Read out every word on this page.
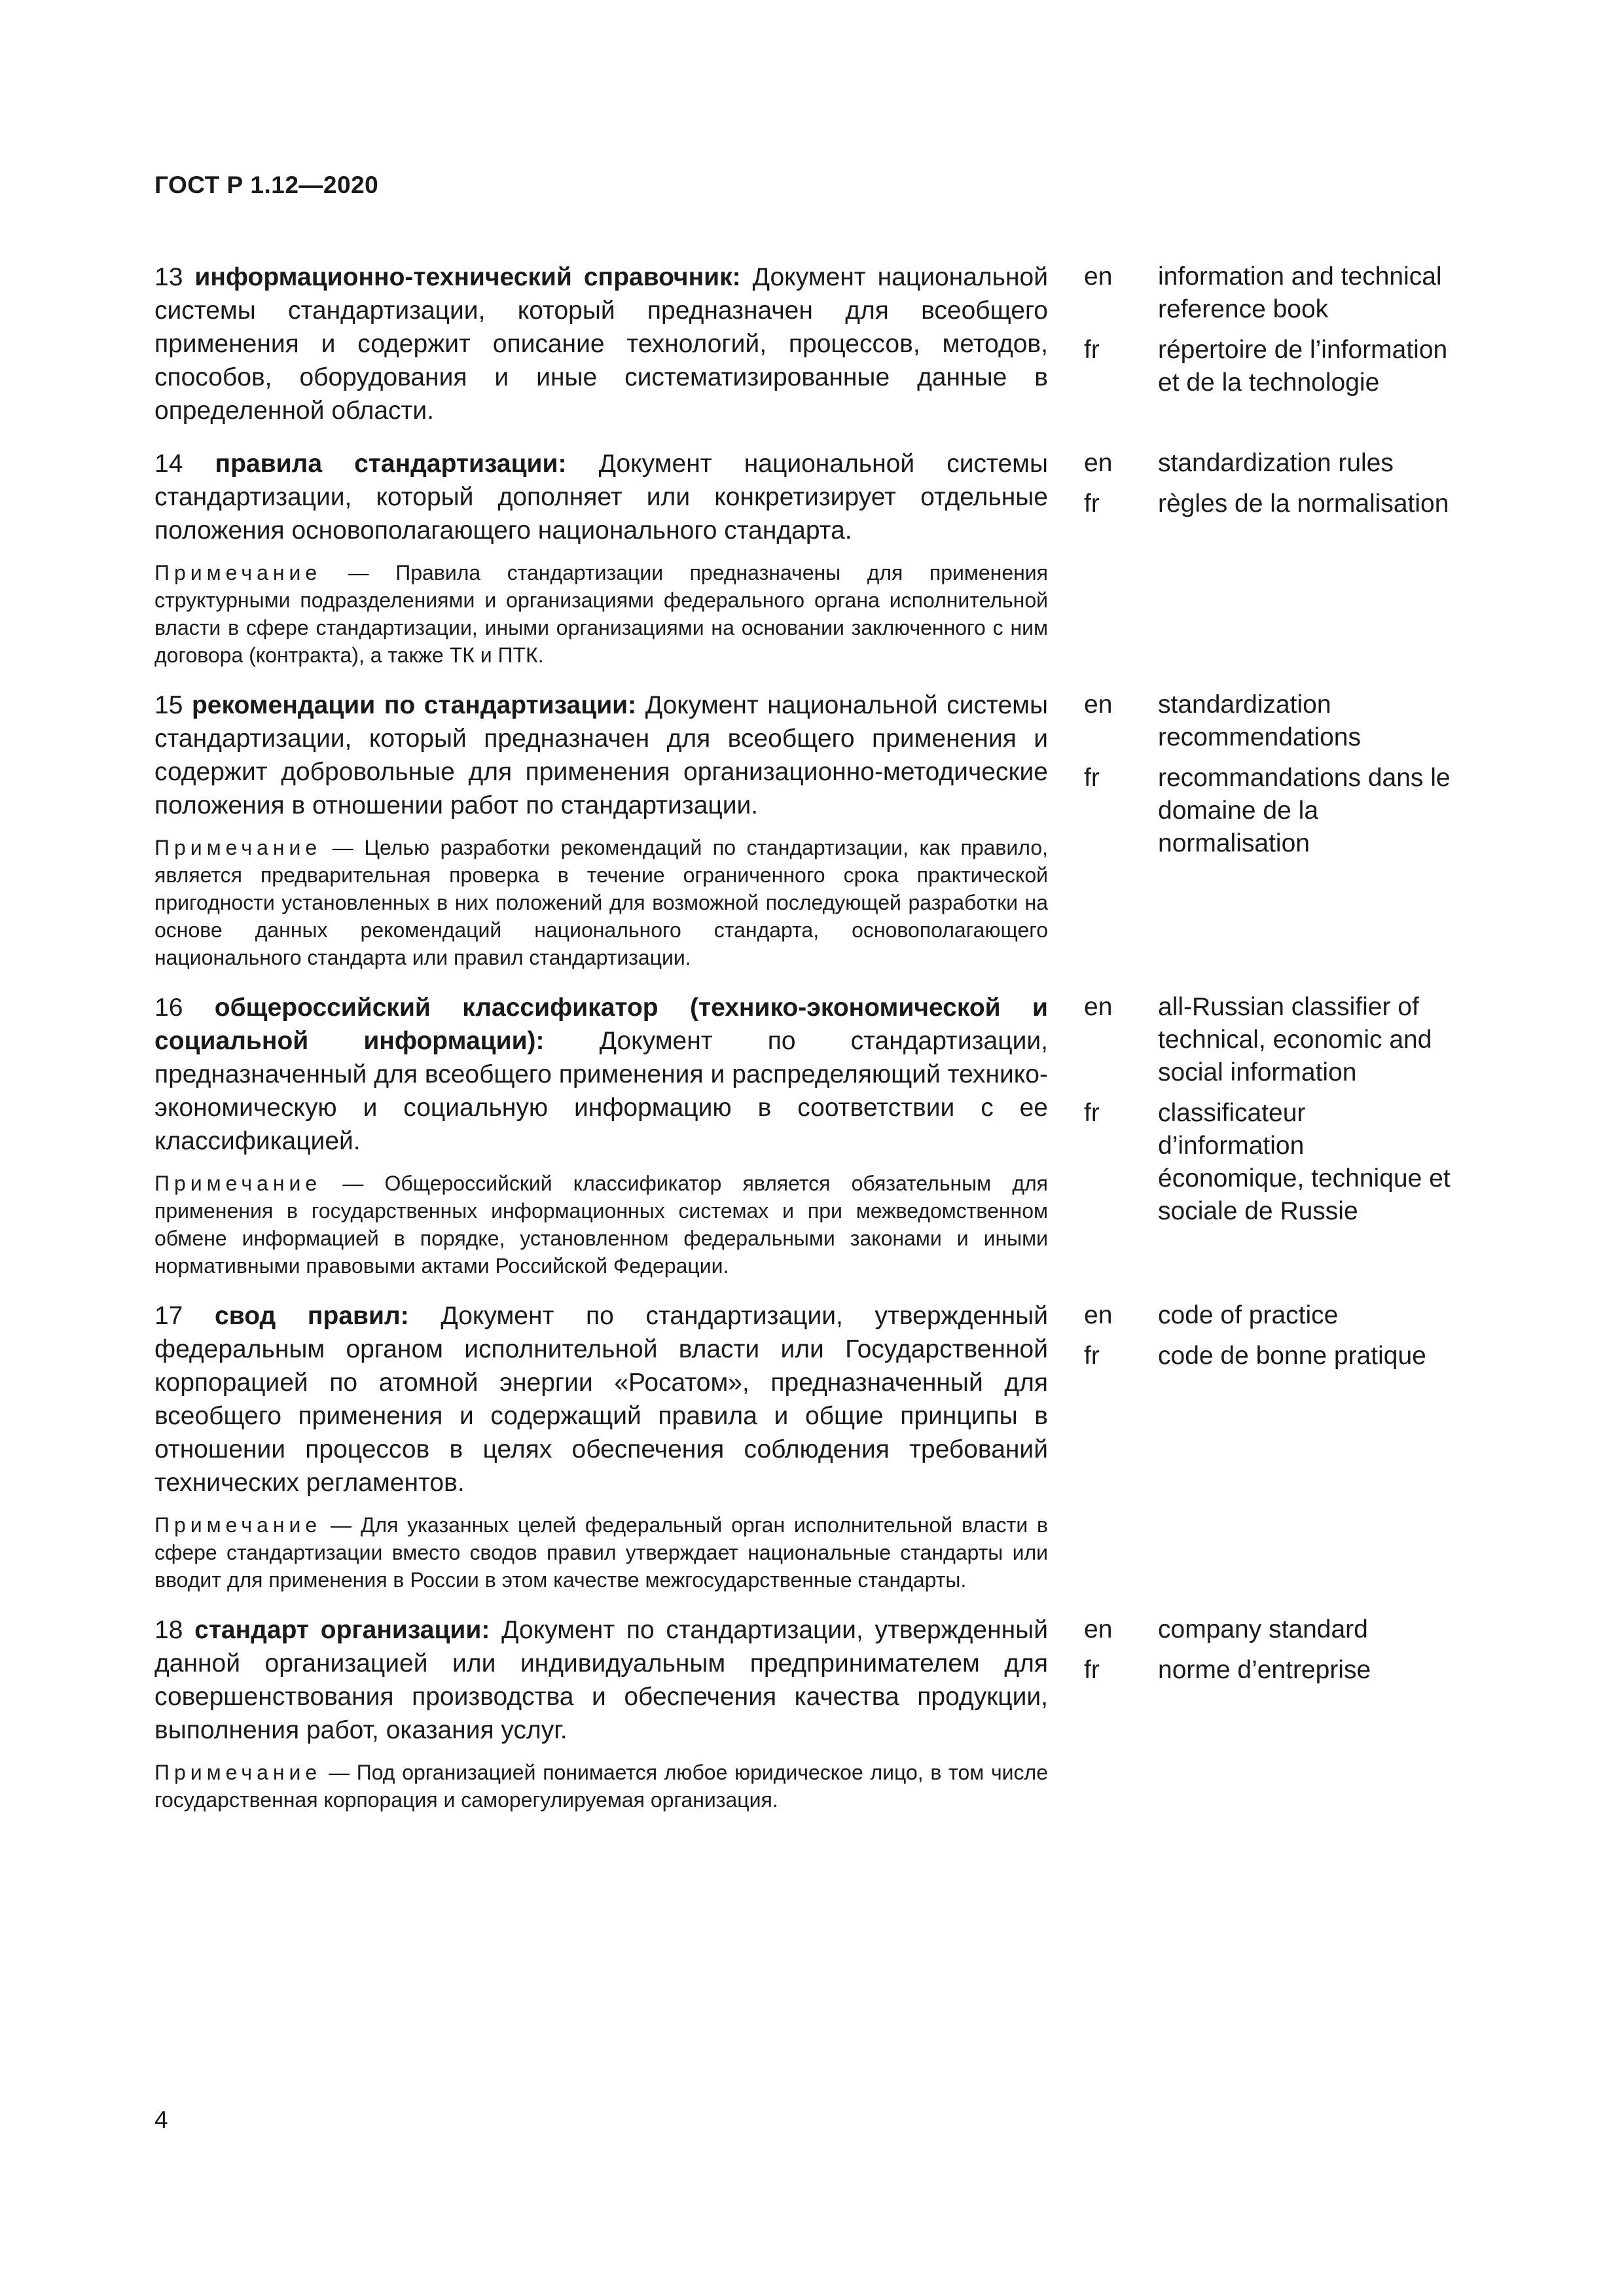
ГОСТ Р 1.12—2020
13 информационно-технический справочник: Документ национальной системы стандартизации, который предназначен для всеобщего применения и содержит описание технологий, процессов, методов, способов, оборудования и иные систематизированные данные в определенной области.
en	information and technical reference book
fr	répertoire de l’information et de la technologie
14 правила стандартизации: Документ национальной системы стандартизации, который дополняет или конкретизирует отдельные положения основополагающего национального стандарта.
Примечание — Правила стандартизации предназначены для применения структурными подразделениями и организациями федерального органа исполнительной власти в сфере стандартизации, иными организациями на основании заключенного с ним договора (контракта), а также ТК и ПТК.
en	standardization rules
fr	règles de la normalisation
15 рекомендации по стандартизации: Документ национальной системы стандартизации, который предназначен для всеобщего применения и содержит добровольные для применения организационно-методические положения в отношении работ по стандартизации.
Примечание — Целью разработки рекомендаций по стандартизации, как правило, является предварительная проверка в течение ограниченного срока практической пригодности установленных в них положений для возможной последующей разработки на основе данных рекомендаций национального стандарта, основополагающего национального стандарта или правил стандартизации.
en	standardization recommendations
fr	recommandations dans le domaine de la normalisation
16 общероссийский классификатор (технико-экономической и социальной информации): Документ по стандартизации, предназначенный для всеобщего применения и распределяющий технико-экономическую и социальную информацию в соответствии с ее классификацией.
Примечание — Общероссийский классификатор является обязательным для применения в государственных информационных системах и при межведомственном обмене информацией в порядке, установленном федеральными законами и иными нормативными правовыми актами Российской Федерации.
en	all-Russian classifier of technical, economic and social information
fr	classificateur d’information économique, technique et sociale de Russie
17 свод правил: Документ по стандартизации, утвержденный федеральным органом исполнительной власти или Государственной корпорацией по атомной энергии «Росатом», предназначенный для всеобщего применения и содержащий правила и общие принципы в отношении процессов в целях обеспечения соблюдения требований технических регламентов.
Примечание — Для указанных целей федеральный орган исполнительной власти в сфере стандартизации вместо сводов правил утверждает национальные стандарты или вводит для применения в России в этом качестве межгосударственные стандарты.
en	code of practice
fr	code de bonne pratique
18 стандарт организации: Документ по стандартизации, утвержденный данной организацией или индивидуальным предпринимателем для совершенствования производства и обеспечения качества продукции, выполнения работ, оказания услуг.
Примечание — Под организацией понимается любое юридическое лицо, в том числе государственная корпорация и саморегулируемая организация.
en	company standard
fr	norme d’entreprise
4
